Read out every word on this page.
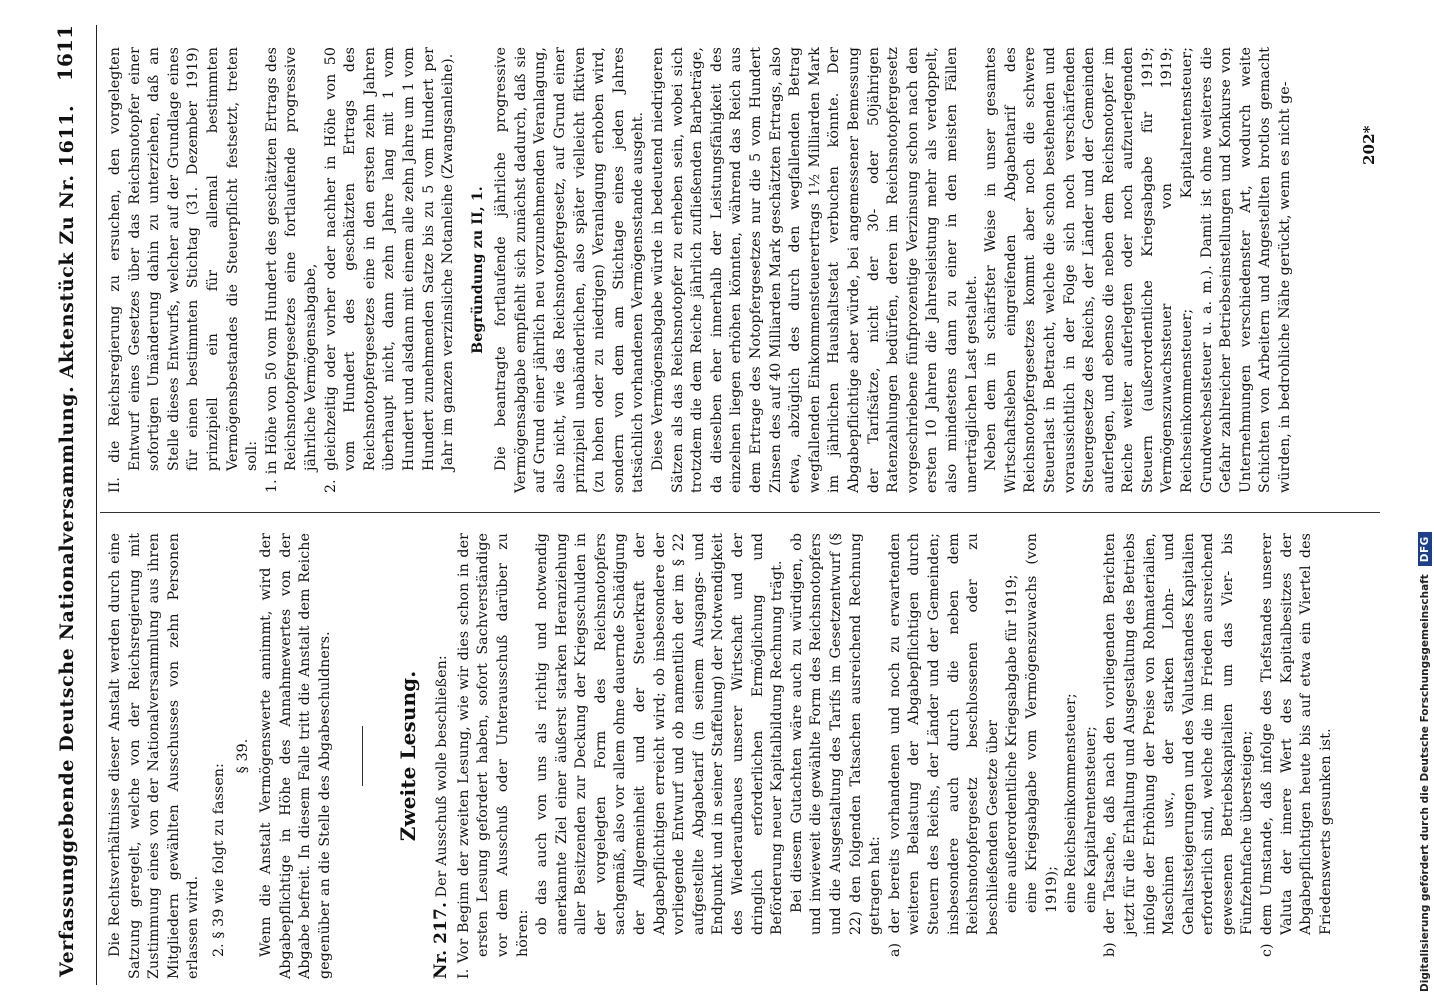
Verfassunggebende Deutsche Nationalversammlung. Aktenstück Zu Nr. 1611.
1611

Die Rechtsverhältnisse dieser Anstalt werden durch eine Satzung geregelt, welche von der Reichsregierung mit Zustimmung eines von der Nationalversammlung aus ihren Mitgliedern gewählten Ausschusses von zehn Personen erlassen wird. 2. § 39 wie folgt zu fassen:

§ 39. Wenn die Anstalt Vermögenswerte annimmt, wird der Abgabepflichtige in Höhe des Annahmewertes von der Abgabe befreit. In diesem Falle tritt die Anstalt dem Reiche gegenüber an die Stelle des Abgabeschuldners.	Zweite Lesung.

Nr. 217. Der Ausschuß wolle beschließen: I. Vor Beginn der zweiten Lesung, wie wir dies schon in der ersten Lesung gefordert haben, sofort Sachverständige vor dem Ausschuß oder Unterausschuß darüber zu hören: ob das auch von uns als richtig und notwendig anerkannte Ziel einer äußerst starken Heranziehung aller Besitzenden zur Deckung der Kriegsschulden in der vorgelegten Form des Reichsnotopfers sachgemäß, also vor allem ohne dauernde Schädigung der Allgemeinheit und der Steuerkraft der Abgabepflichtigen erreicht wird; ob insbesondere der vorliegende Entwurf und ob namentlich der im § 22 aufgestellte Abgabetarif (in seinem Ausgangs- und Endpunkt und in seiner Staffelung) der Notwendigkeit des Wiederaufbaues unserer Wirtschaft und der dringlich erforderlichen Ermöglichung und Beförderung neuer Kapitalbildung Rechnung trägt. Bei diesem Gutachten wäre auch zu würdigen, ob und inwieweit die gewählte Form des Reichsnotopfers und die Ausgestaltung des Tarifs im Gesetzentwurf (§ 22) den folgenden Tatsachen ausreichend Rechnung getragen hat: a) der bereits vorhandenen und noch zu erwartenden weiteren Belastung der Abgabepflichtigen durch Steuern des Reichs, der Länder und der Gemeinden; insbesondere auch durch die neben dem Reichsnotopfergesetz beschlossenen oder zu beschließenden Gesetze über eine außerordentliche Kriegsabgabe für 1919; eine Kriegsabgabe vom Vermögenszuwachs (von 1919); eine Reichseinkommensteuer; eine Kapitalrentensteuer; b) der Tatsache, daß nach den vorliegenden Berichten jetzt für die Erhaltung und Ausgestaltung des Betriebs infolge der Erhöhung der Preise von Rohmaterialien, Maschinen usw., der starken Lohn- und Gehaltssteigerungen und des Valutastandes Kapitalien erforderlich sind, welche die im Frieden ausreichend gewesenen Betriebskapitalien um das Vier- bis Fünfzehnfache übersteigen; c) dem Umstande, daß infolge des Tiefstandes unserer Valuta der innere Wert des Kapitalbesitzes der Abgabepflichtigen heute bis auf etwa ein Viertel des Friedenswerts gesunken ist.

II. die Reichsregierung zu ersuchen, den vorgelegten Entwurf eines Gesetzes über das Reichsnotopfer einer sofortigen Umänderung dahin zu unterziehen, daß an Stelle dieses Entwurfs, welcher auf der Grundlage eines für einen bestimmten Stichtag (31. Dezember 1919) prinzipiell ein für allemal bestimmten Vermögensbestandes die Steuerpflicht festsetzt, treten soll: 1. in Höhe von 50 vom Hundert des geschätzten Ertrags des Reichsnotopfergesetzes eine fortlaufende progressive jährliche Vermögensabgabe, 2. gleichzeitig oder vorher oder nachher in Höhe von 50 vom Hundert des geschätzten Ertrags des Reichsnotopfergesetzes eine in den ersten zehn Jahren überhaupt nicht, dann zehn Jahre lang mit 1 vom Hundert und alsdann mit einem alle zehn Jahre um 1 vom Hundert zunehmenden Satze bis zu 5 vom Hundert per Jahr im ganzen verzinsliche Notanleihe (Zwangsanleihe). Begründung zu II, 1. Die beantragte fortlaufende jährliche progressive Vermögensabgabe empfiehlt sich zunächst dadurch, daß sie auf Grund einer jährlich neu vorzunehmenden Veranlagung, also nicht, wie das Reichsnotopfergesetz, auf Grund einer prinzipiell unabänderlichen, also später vielleicht fiktiven (zu hohen oder zu niedrigen) Veranlagung erhoben wird, sondern von dem am Stichtage eines jeden Jahres tatsächlich vorhandenen Vermögensstande ausgeht. Diese Vermögensabgabe würde in bedeutend niedrigeren Sätzen als das Reichsnotopfer zu erheben sein, wobei sich trotzdem die dem Reiche jährlich zufließenden Barbeträge, da dieselben eher innerhalb der Leistungsfähigkeit des einzelnen liegen erhöhen könnten, während das Reich aus dem Ertrage des Notopfergesetzes nur die 5 vom Hundert Zinsen des auf 40 Milliarden Mark geschätzten Ertrags, also etwa, abzüglich des durch den wegfallenden Betrag wegfallenden Einkommensteuerertrags 1½ Milliarden Mark im jährlichen Haushaltsetat verbuchen könnte. Der Abgabepflichtige aber würde, bei angemessener Bemessung der Tarifsätze, nicht der 30- oder 50jährigen Ratenzahlungen bedürfen, deren im Reichsnotopfergesetz vorgeschriebene fünfprozentige Verzinsung schon nach den ersten 10 Jahren die Jahresleistung mehr als verdoppelt, also mindestens dann zu einer in den meisten Fällen unerträglichen Last gestaltet. Neben dem in schärfster Weise in unser gesamtes Wirtschaftsleben eingreifenden Abgabentarif des Reichsnotopfergesetzes kommt aber noch die schwere Steuerlast in Betracht, welche die schon bestehenden und voraussichtlich in der Folge sich noch verschärfenden Steuergesetze des Reichs, der Länder und der Gemeinden auferlegen, und ebenso die neben dem Reichsnotopfer im Reiche weiter auferlegten oder noch aufzuerlegenden Steuern (außerordentliche Kriegsabgabe für 1919; Vermögenszuwachssteuer von 1919; Reichseinkommensteuer; Kapitalrentensteuer; Grundwechselsteuer u. a. m.). Damit ist ohne weiteres die Gefahr zahlreicher Betriebseinstellungen und Konkurse von Unternehmungen verschiedenster Art, wodurch weite Schichten von Arbeitern und Angestellten brotlos gemacht würden, in bedrohliche Nähe gerückt, wenn es nicht ge-	202*
Digitalisierung gefördert durch die Deutsche ForschungsgemeinschaftDFG
